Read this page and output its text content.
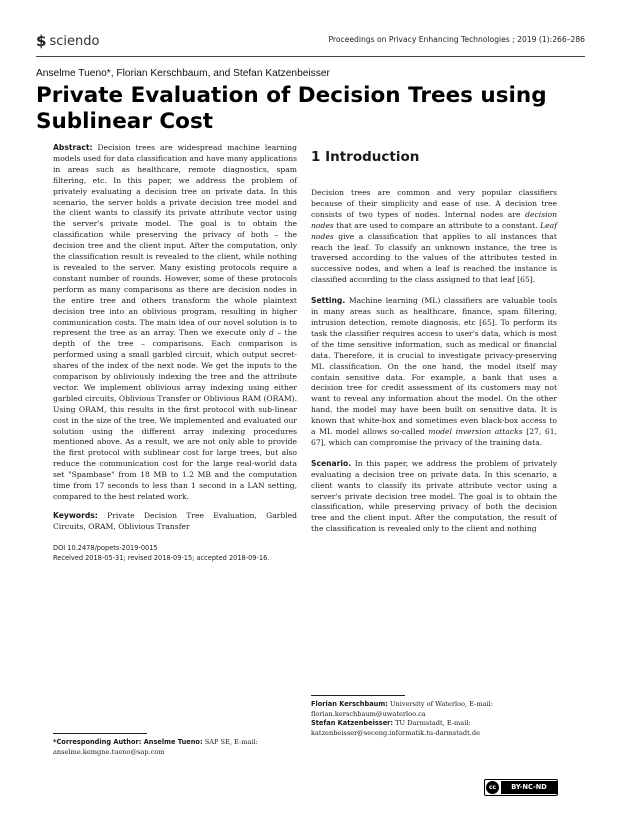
$ sciendo	Proceedings on Privacy Enhancing Technologies ; 2019 (1):266–286
Anselme Tueno*, Florian Kerschbaum, and Stefan Katzenbeisser
Private Evaluation of Decision Trees using Sublinear Cost

Abstract: Decision trees are widespread machine learning models used for data classification and have many applications in areas such as healthcare, remote diagnostics, spam filtering, etc. In this paper, we address the problem of privately evaluating a decision tree on private data. In this scenario, the server holds a private decision tree model and the client wants to classify its private attribute vector using the server's private model. The goal is to obtain the classification while preserving the privacy of both – the decision tree and the client input. After the computation, only the classification result is revealed to the client, while nothing is revealed to the server. Many existing protocols require a constant number of rounds. However, some of these protocols perform as many comparisons as there are decision nodes in the entire tree and others transform the whole plaintext decision tree into an oblivious program, resulting in higher communication costs. The main idea of our novel solution is to represent the tree as an array. Then we execute only d – the depth of the tree – comparisons. Each comparison is performed using a small garbled circuit, which output secret-shares of the index of the next node. We get the inputs to the comparison by obliviously indexing the tree and the attribute vector. We implement oblivious array indexing using either garbled circuits, Oblivious Transfer or Oblivious RAM (ORAM). Using ORAM, this results in the first protocol with sub-linear cost in the size of the tree. We implemented and evaluated our solution using the different array indexing procedures mentioned above. As a result, we are not only able to provide the first protocol with sublinear cost for large trees, but also reduce the communication cost for the large real-world data set "Spambase" from 18 MB to 1.2 MB and the computation time from 17 seconds to less than 1 second in a LAN setting, compared to the best related work.

Keywords: Private Decision Tree Evaluation, Garbled Circuits, ORAM, Oblivious Transfer

DOI 10.2478/popets-2019-0015
Received 2018-05-31; revised 2018-09-15; accepted 2018-09-16.
1 Introduction

Decision trees are common and very popular classifiers because of their simplicity and ease of use. A decision tree consists of two types of nodes. Internal nodes are decision nodes that are used to compare an attribute to a constant. Leaf nodes give a classification that applies to all instances that reach the leaf. To classify an unknown instance, the tree is traversed according to the values of the attributes tested in successive nodes, and when a leaf is reached the instance is classified according to the class assigned to that leaf [65].

Setting. Machine learning (ML) classifiers are valuable tools in many areas such as healthcare, finance, spam filtering, intrusion detection, remote diagnosis, etc [65]. To perform its task the classifier requires access to user's data, which is most of the time sensitive information, such as medical or financial data. Therefore, it is crucial to investigate privacy-preserving ML classification. On the one hand, the model itself may contain sensitive data. For example, a bank that uses a decision tree for credit assessment of its customers may not want to reveal any information about the model. On the other hand, the model may have been built on sensitive data. It is known that white-box and sometimes even black-box access to a ML model allows so-called model inversion attacks [27, 61, 67], which can compromise the privacy of the training data.

Scenario. In this paper, we address the problem of privately evaluating a decision tree on private data. In this scenario, a client wants to classify its private attribute vector using a server's private decision tree model. The goal is to obtain the classification, while preserving privacy of both the decision tree and the client input. After the computation, the result of the classification is revealed only to the client and nothing

Florian Kerschbaum: University of Waterloo, E-mail: florian.kerschbaum@uwaterloo.ca
Stefan Katzenbeisser: TU Darmstadt, E-mail: katzenbeisser@seceng.informatik.tu-darmstadt.de
*Corresponding Author: Anselme Tueno: SAP SE, E-mail: anselme.kemgne.tueno@sap.com
cc	BY-NC-ND
